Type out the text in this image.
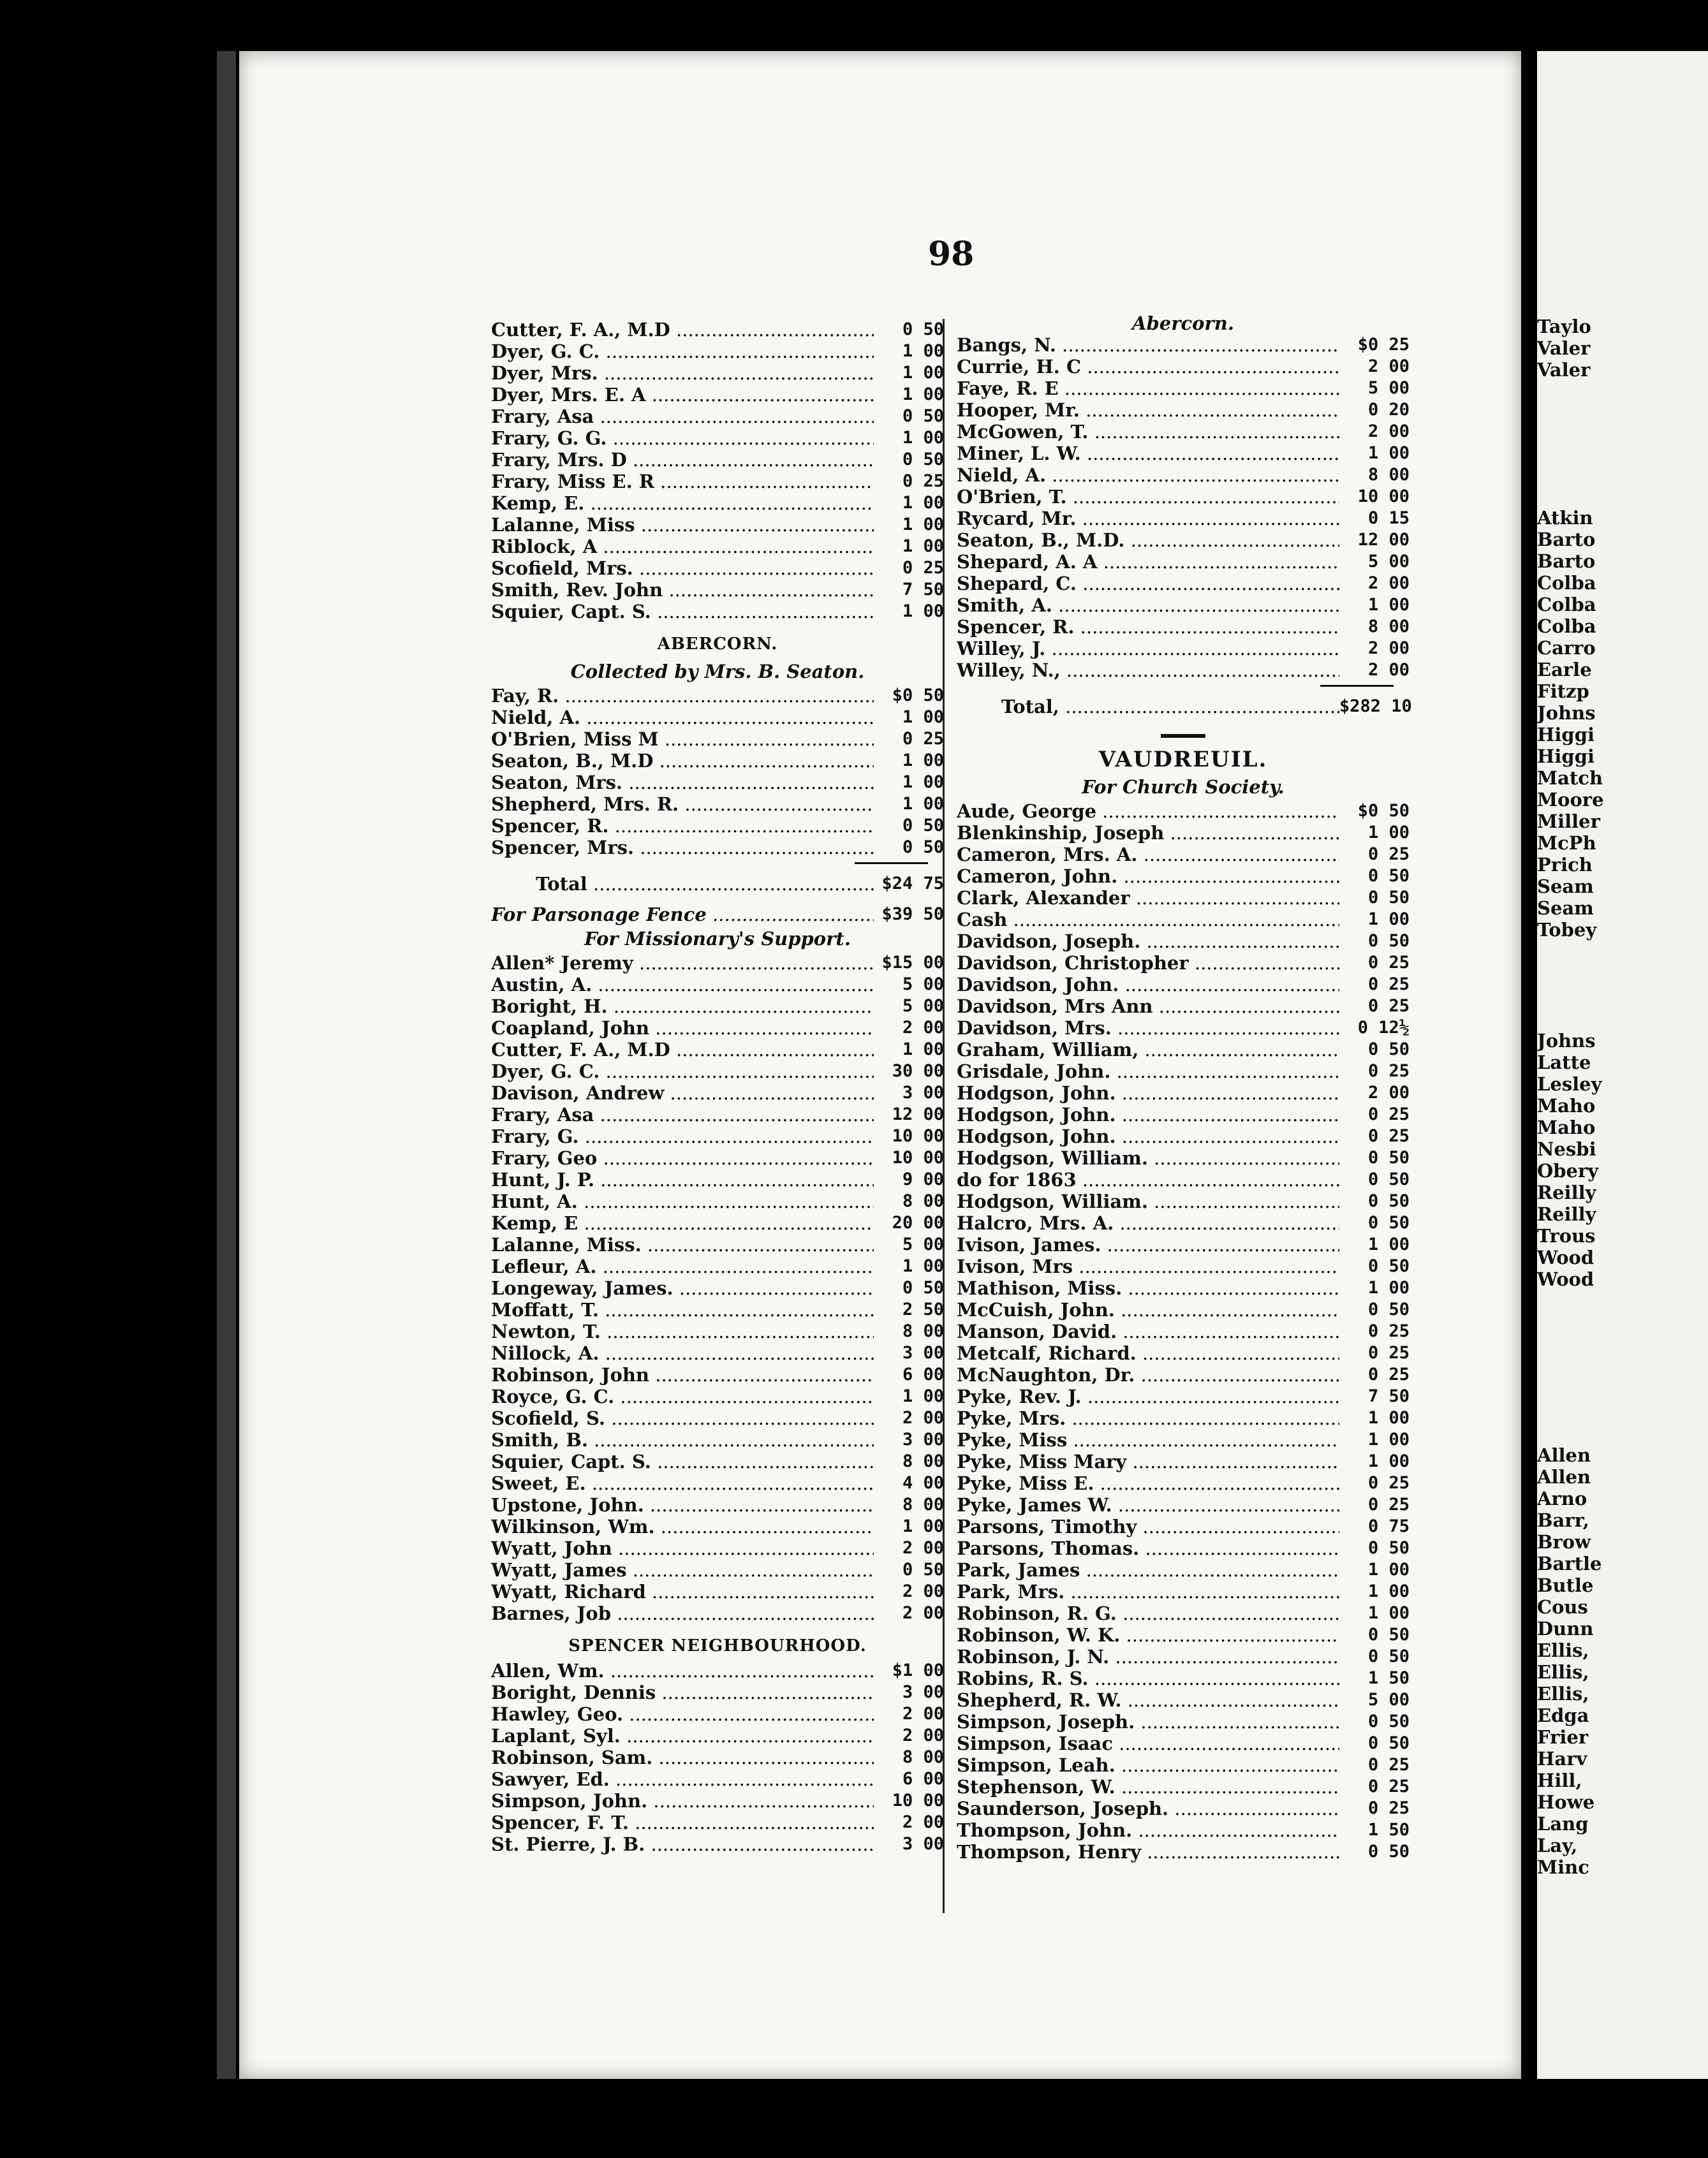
98
Cutter, F. A., M.D .....	0 50
Dyer, G. C. .....	1 00
Dyer, Mrs. .....	1 00
Dyer, Mrs. E. A .....	1 00
Frary, Asa .....	0 50
Frary, G. G. .....	1 00
Frary, Mrs. D .....	0 50
Frary, Miss E. R .....	0 25
Kemp, E. .....	1 00
Lalanne, Miss .....	1 00
Riblock, A .....	1 00
Scofield, Mrs. .....	0 25
Smith, Rev. John .....	7 50
Squier, Capt. S. .....	1 00
ABERCORN.
Collected by Mrs. B. Seaton.
Fay, R. .....	$0 50
Nield, A. .....	1 00
O'Brien, Miss M .....	0 25
Seaton, B., M.D .....	1 00
Seaton, Mrs. .....	1 00
Shepherd, Mrs. R. .....	1 00
Spencer, R. .....	0 50
Spencer, Mrs. .....	0 50
Total .....	$24 75
For Parsonage Fence .....	$39 50
For Missionary's Support.
Allen* Jeremy .....	$15 00
Austin, A. .....	5 00
Boright, H. .....	5 00
Coapland, John .....	2 00
Cutter, F. A., M.D .....	1 00
Dyer, G. C. .....	30 00
Davison, Andrew .....	3 00
Frary, Asa .....	12 00
Frary, G. .....	10 00
Frary, Geo .....	10 00
Hunt, J. P. .....	9 00
Hunt, A. .....	8 00
Kemp, E .....	20 00
Lalanne, Miss. .....	5 00
Lefleur, A. .....	1 00
Longeway, James. .....	0 50
Moffatt, T. .....	2 50
Newton, T. .....	8 00
Nillock, A. .....	3 00
Robinson, John .....	6 00
Royce, G. C. .....	1 00
Scofield, S. .....	2 00
Smith, B. .....	3 00
Squier, Capt. S. .....	8 00
Sweet, E. .....	4 00
Upstone, John. .....	8 00
Wilkinson, Wm. .....	1 00
Wyatt, John .....	2 00
Wyatt, James .....	0 50
Wyatt, Richard .....	2 00
Barnes, Job .....	2 00
SPENCER NEIGHBOURHOOD.
Allen, Wm. .....	$1 00
Boright, Dennis .....	3 00
Hawley, Geo. .....	2 00
Laplant, Syl. .....	2 00
Robinson, Sam. .....	8 00
Sawyer, Ed. .....	6 00
Simpson, John. .....	10 00
Spencer, F. T. .....	2 00
St. Pierre, J. B. .....	3 00
Abercorn.
Bangs, N. .....	$0 25
Currie, H. C .....	2 00
Faye, R. E .....	5 00
Hooper, Mr. .....	0 20
McGowen, T. .....	2 00
Miner, L. W. .....	1 00
Nield, A. .....	8 00
O'Brien, T. .....	10 00
Rycard, Mr. .....	0 15
Seaton, B., M.D. .....	12 00
Shepard, A. A .....	5 00
Shepard, C. .....	2 00
Smith, A. .....	1 00
Spencer, R. .....	8 00
Willey, J. .....	2 00
Willey, N., .....	2 00
Total, .....	$282 10
VAUDREUIL.
For Church Society.
Aude, George .....	$0 50
Blenkinship, Joseph .....	1 00
Cameron, Mrs. A. .....	0 25
Cameron, John. .....	0 50
Clark, Alexander .....	0 50
Cash .....	1 00
Davidson, Joseph. .....	0 50
Davidson, Christopher .....	0 25
Davidson, John. .....	0 25
Davidson, Mrs Ann .....	0 25
Davidson, Mrs. .....	0 12½
Graham, William, .....	0 50
Grisdale, John. .....	0 25
Hodgson, John. .....	2 00
Hodgson, John. .....	0 25
Hodgson, John. .....	0 25
Hodgson, William. .....	0 50
do for 1863 .....	0 50
Hodgson, William. .....	0 50
Halcro, Mrs. A. .....	0 50
Ivison, James. .....	1 00
Ivison, Mrs .....	0 50
Mathison, Miss. .....	1 00
McCuish, John. .....	0 50
Manson, David. .....	0 25
Metcalf, Richard. .....	0 25
McNaughton, Dr. .....	0 25
Pyke, Rev. J. .....	7 50
Pyke, Mrs. .....	1 00
Pyke, Miss .....	1 00
Pyke, Miss Mary .....	1 00
Pyke, Miss E. .....	0 25
Pyke, James W. .....	0 25
Parsons, Timothy .....	0 75
Parsons, Thomas. .....	0 50
Park, James .....	1 00
Park, Mrs. .....	1 00
Robinson, R. G. .....	1 00
Robinson, W. K. .....	0 50
Robinson, J. N. .....	0 50
Robins, R. S. .....	1 50
Shepherd, R. W. .....	5 00
Simpson, Joseph. .....	0 50
Simpson, Isaac .....	0 50
Simpson, Leah. .....	0 25
Stephenson, W. .....	0 25
Saunderson, Joseph. .....	0 25
Thompson, John. .....	1 50
Thompson, Henry .....	0 50
Taylo
Valer
Valer
Atkin
Barto
Barto
Colba
Colba
Colba
Carro
Earle
Fitzp
Johns
Higgi
Higgi
Match
Moore
Miller
McPh
Prich
Seam
Seam
Tobey
Johns
Latte
Lesley
Maho
Maho
Nesbi
Obery
Reilly
Reilly
Trous
Wood
Wood
Allen
Allen
Arno
Barr,
Brow
Bartle
Butle
Cous
Dunn
Ellis,
Ellis,
Ellis,
Edga
Frier
Harv
Hill,
Howe
Lang
Lay,
Minc
